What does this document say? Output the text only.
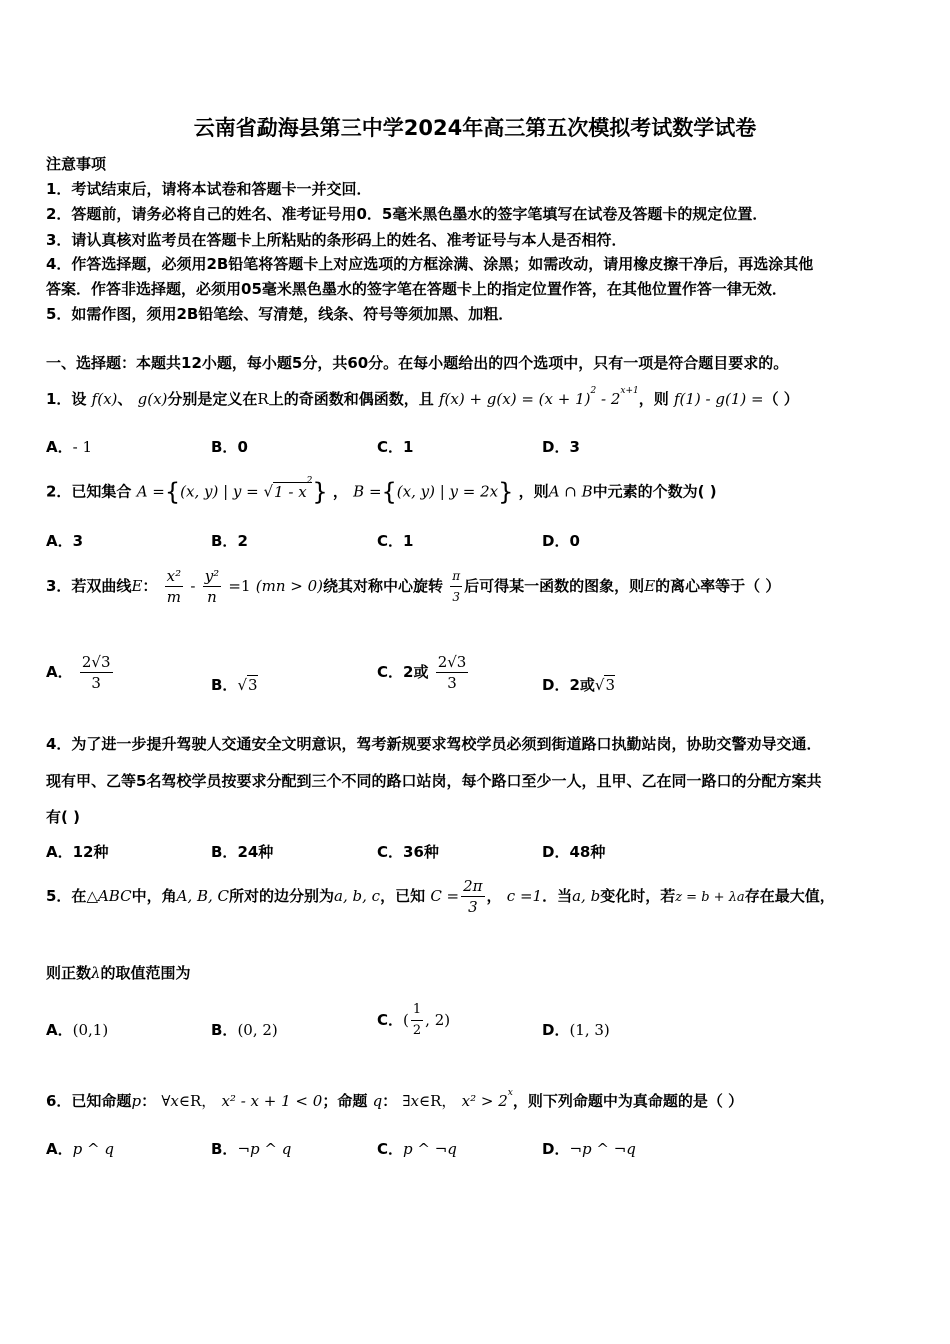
云南省勐海县第三中学2024年高三第五次模拟考试数学试卷
注意事项
1．考试结束后，请将本试卷和答题卡一并交回．
2．答题前，请务必将自己的姓名、准考证号用0．5毫米黑色墨水的签字笔填写在试卷及答题卡的规定位置．
3．请认真核对监考员在答题卡上所粘贴的条形码上的姓名、准考证号与本人是否相符．
4．作答选择题，必须用2B铅笔将答题卡上对应选项的方框涂满、涂黑；如需改动，请用橡皮擦干净后，再选涂其他
答案．作答非选择题，必须用05毫米黑色墨水的签字笔在答题卡上的指定位置作答，在其他位置作答一律无效．
5．如需作图，须用2B铅笔绘、写清楚，线条、符号等须加黑、加粗．
一、选择题：本题共12小题，每小题5分，共60分。在每小题给出的四个选项中，只有一项是符合题目要求的。
1．设 f(x)、 g(x)分别是定义在R上的奇函数和偶函数，且 $f(x) + g(x) = (x + 1)^2 - 2^{x+1}$，则 f(1) - g(1) =（ ）
A．- 1	B．0	C．1	D．3
2．已知集合 A ={(x, y) | $y = √1 - x^2$} ， B ={(x, y) | y = 2x} ，则A ∩ B中元素的个数为( )
A．3	B．2	C．1	D．0
3．若双曲线E： $\frac{\text{x²}}{m} - \frac{\text{y²}}{n} =1$ (mn > 0)绕其对称中心旋转 $\frac{\pi}{3}$ 后可得某一函数的图象，则E的离心率等于（ ）
A． $\frac{2√3}{3}$	B．√3
C．2或 $\frac{2√3}{3}$	D．2或√3
4．为了进一步提升驾驶人交通安全文明意识，驾考新规要求驾校学员必须到街道路口执勤站岗，协助交警劝导交通．
现有甲、乙等5名驾校学员按要求分配到三个不同的路口站岗，每个路口至少一人，且甲、乙在同一路口的分配方案共
有( )
A．12种	B．24种	C．36种	D．48种
5．在△ABC中，角A, B, C所对的边分别为a, b, c，已知 $C = \frac{2\pi}{3}$ ， c =1．当a, b变化时，若z = b + λa存在最大值，
则正数λ的取值范围为
A．(0,1)	B．(0, 2)
C．( $\frac{1}{2}$ , 2)
D．(1, 3)
6．已知命题p： ∀x∈R， x² - x + 1 < 0；命题 q： ∃x∈R， $x^2 > 2^x$，则下列命题中为真命题的是（ ）
A．p ^ q	B．¬p ^ q	C．p ^ ¬q	D．¬p ^ ¬q
